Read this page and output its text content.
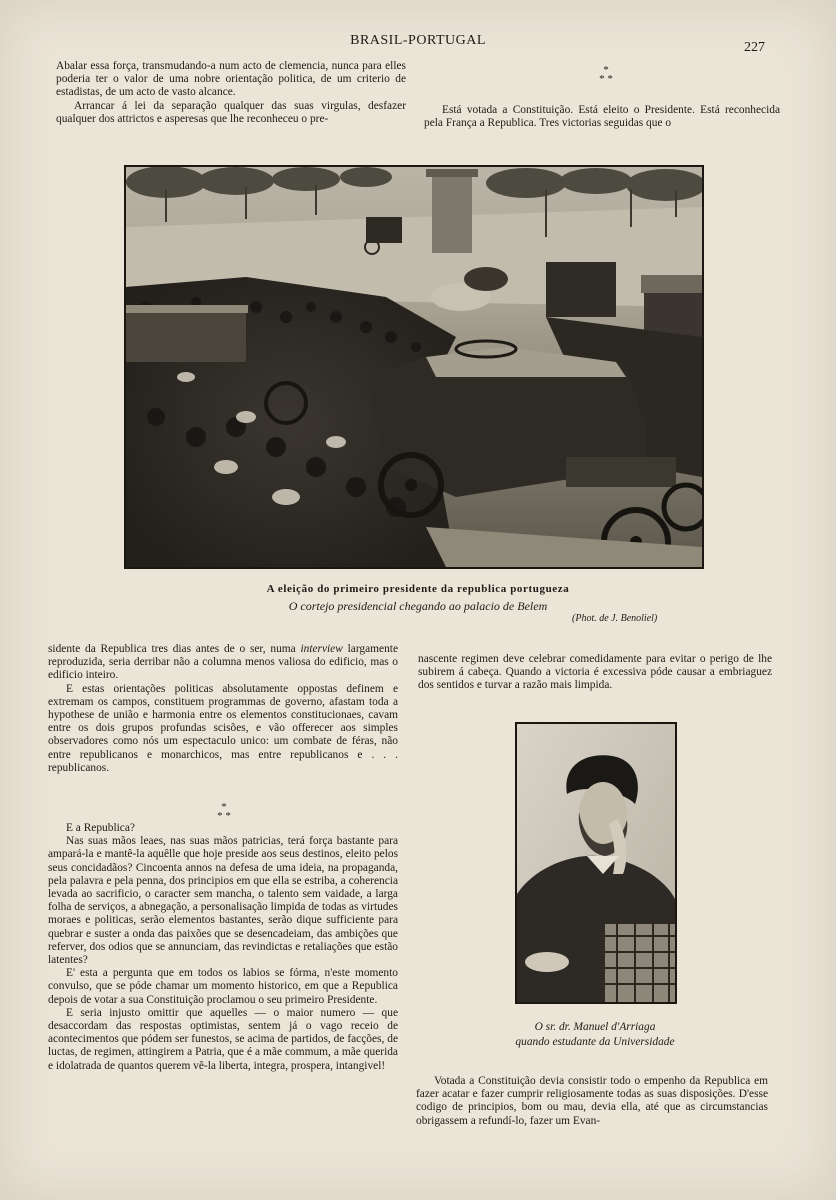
BRASIL-PORTUGAL	227

Abalar essa força, transmudando-a num acto de clemencia, nunca para elles poderia ter o valor de uma nobre orientação politica, de um criterio de estadistas, de um acto de vasto alcance.

Arrancar á lei da separação qualquer das suas virgulas, desfazer qualquer dos attrictos e asperesas que lhe reconheceu o pre-

*
* *

Está votada a Constituição. Está eleito o Presidente. Está reconhecida pela França a Republica. Tres victorias seguidas que o

A eleição do primeiro presidente da republica portugueza
O cortejo presidencial chegando ao palacio de Belem
(Phot. de J. Benoliel)

sidente da Republica tres dias antes de o ser, numa interview largamente reproduzida, seria derribar não a columna menos valiosa do edificio, mas o edificio inteiro.

E estas orientações politicas absolutamente oppostas definem e extremam os campos, constituem programmas de governo, afastam toda a hypothese de união e harmonia entre os elementos constitucionaes, cavam entre os dois grupos profundas scisões, e vão offerecer aos simples observadores como nós um espectaculo unico: um combate de féras, não entre republicanos e monarchicos, mas entre republicanos e . . . republicanos.

nascente regimen deve celebrar comedidamente para evitar o perigo de lhe subirem á cabeça. Quando a victoria é excessiva póde causar a embriaguez dos sentidos e turvar a razão mais limpida.

*
* *

E a Republica?

Nas suas mãos leaes, nas suas mãos patricias, terá força bastante para ampará-la e mantê-la aquêlle que hoje preside aos seus destinos, eleito pelos seus concidadãos? Cincoenta annos na defesa de uma ideia, na propaganda, pela palavra e pela penna, dos principios em que ella se estriba, a coherencia levada ao sacrificio, o caracter sem mancha, o talento sem vaidade, a larga folha de serviços, a abnegação, a personalisação limpida de todas as virtudes moraes e politicas, serão elementos bastantes, serão dique sufficiente para quebrar e suster a onda das paixões que se desencadeiam, das ambições que referver, dos odios que se annunciam, das revindictas e retaliações que estão latentes?

E' esta a pergunta que em todos os labios se fórma, n'este momento convulso, que se póde chamar um momento historico, em que a Republica depois de votar a sua Constituição proclamou o seu primeiro Presidente.

E seria injusto omittir que aquelles — o maior numero — que desaccordam das respostas optimistas, sentem já o vago receio de acontecimentos que pódem ser funestos, se acima de partidos, de facções, de luctas, de regimen, attingirem a Patria, que é a mãe commum, a mãe querida e idolatrada de quantos querem vê-la liberta, integra, prospera, intangivel!

O sr. dr. Manuel d'Arriaga
quando estudante da Universidade

Votada a Constituição devia consistir todo o empenho da Republica em fazer acatar e fazer cumprir religiosamente todas as suas disposições. D'esse codigo de principios, bom ou mau, devia ella, até que as circumstancias obrigassem a refundí-lo, fazer um Evan-
